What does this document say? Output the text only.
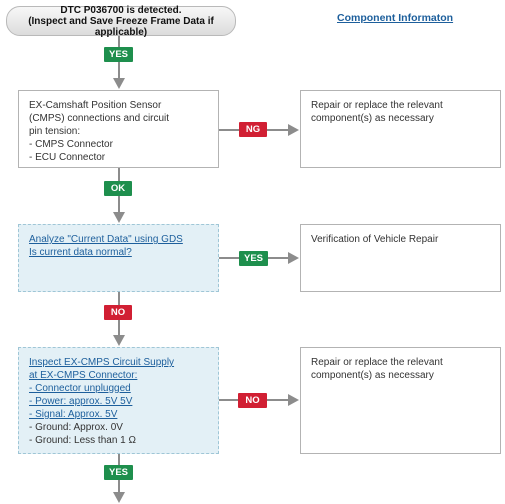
DTC P036700 is detected.
(Inspect and Save Freeze Frame Data if applicable)
Component Informaton
YES
EX-Camshaft Position Sensor
(CMPS) connections and circuit
pin tension:
- CMPS Connector
- ECU Connector
NG
Repair or replace the relevant
component(s) as necessary
OK
Analyze "Current Data" using GDS
Is current data normal?
YES
Verification of Vehicle Repair
NO
Inspect EX-CMPS Circuit Supply
at EX-CMPS Connector:
- Connector unplugged
- Power: approx. 5V 5V
- Signal: Approx. 5V
- Ground: Approx. 0V
- Ground: Less than 1 Ω
NO
Repair or replace the relevant
component(s) as necessary
YES
